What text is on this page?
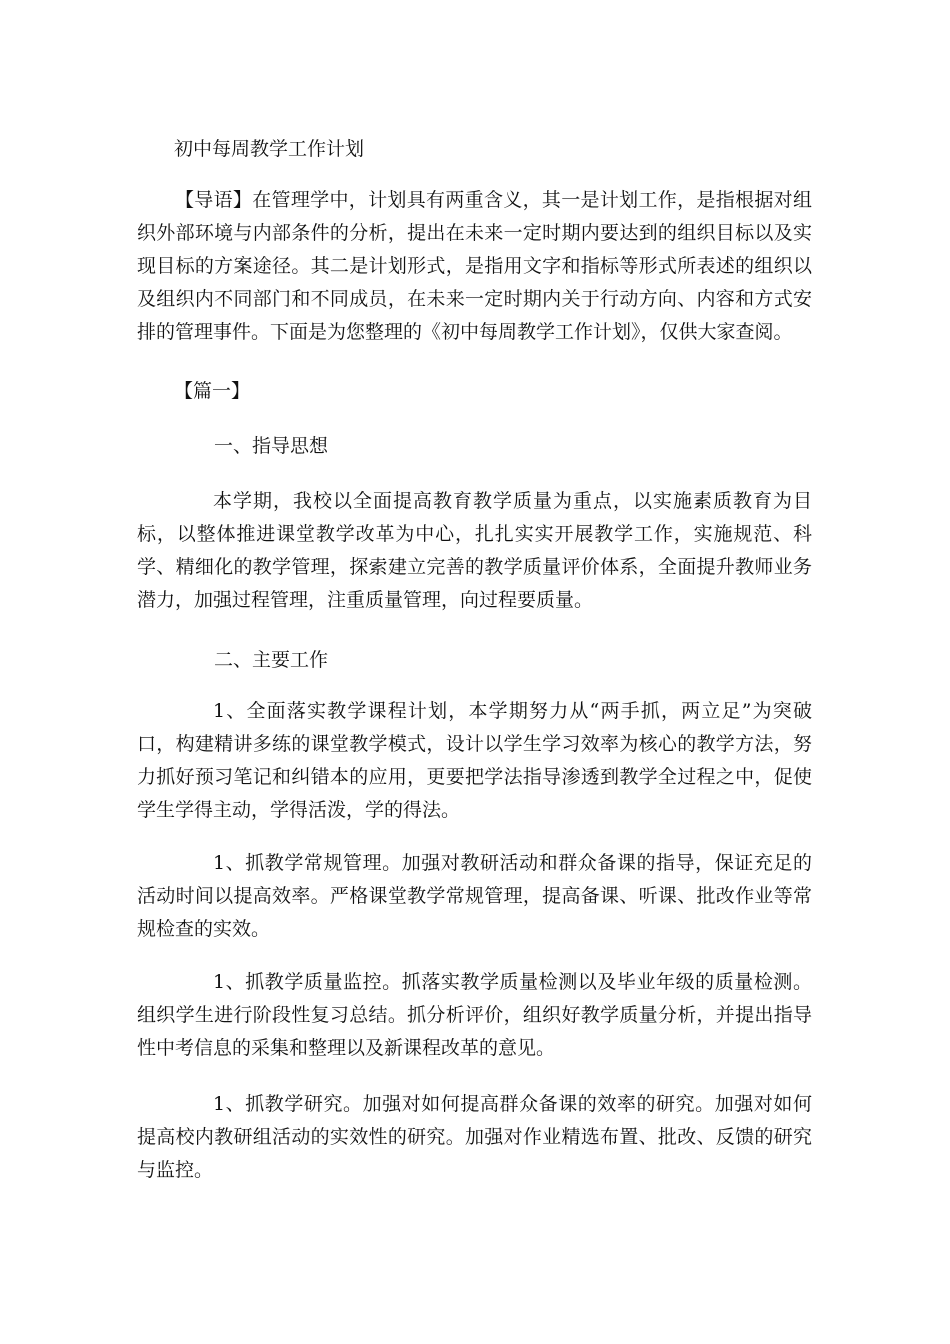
初中每周教学工作计划

【导语】在管理学中，计划具有两重含义，其一是计划工作，是指根据对组织外部环境与内部条件的分析，提出在未来一定时期内要达到的组织目标以及实现目标的方案途径。其二是计划形式，是指用文字和指标等形式所表述的组织以及组织内不同部门和不同成员，在未来一定时期内关于行动方向、内容和方式安排的管理事件。下面是为您整理的《初中每周教学工作计划》，仅供大家查阅。

【篇一】

一、指导思想

本学期，我校以全面提高教育教学质量为重点，以实施素质教育为目标，以整体推进课堂教学改革为中心，扎扎实实开展教学工作，实施规范、科学、精细化的教学管理，探索建立完善的教学质量评价体系，全面提升教师业务潜力，加强过程管理，注重质量管理，向过程要质量。

二、主要工作

1、全面落实教学课程计划，本学期努力从“两手抓，两立足”为突破口，构建精讲多练的课堂教学模式，设计以学生学习效率为核心的教学方法，努力抓好预习笔记和纠错本的应用，更要把学法指导渗透到教学全过程之中，促使学生学得主动，学得活泼，学的得法。

1、抓教学常规管理。加强对教研活动和群众备课的指导，保证充足的活动时间以提高效率。严格课堂教学常规管理，提高备课、听课、批改作业等常规检查的实效。

1、抓教学质量监控。抓落实教学质量检测以及毕业年级的质量检测。组织学生进行阶段性复习总结。抓分析评价，组织好教学质量分析，并提出指导性中考信息的采集和整理以及新课程改革的意见。

1、抓教学研究。加强对如何提高群众备课的效率的研究。加强对如何提高校内教研组活动的实效性的研究。加强对作业精选布置、批改、反馈的研究与监控。
